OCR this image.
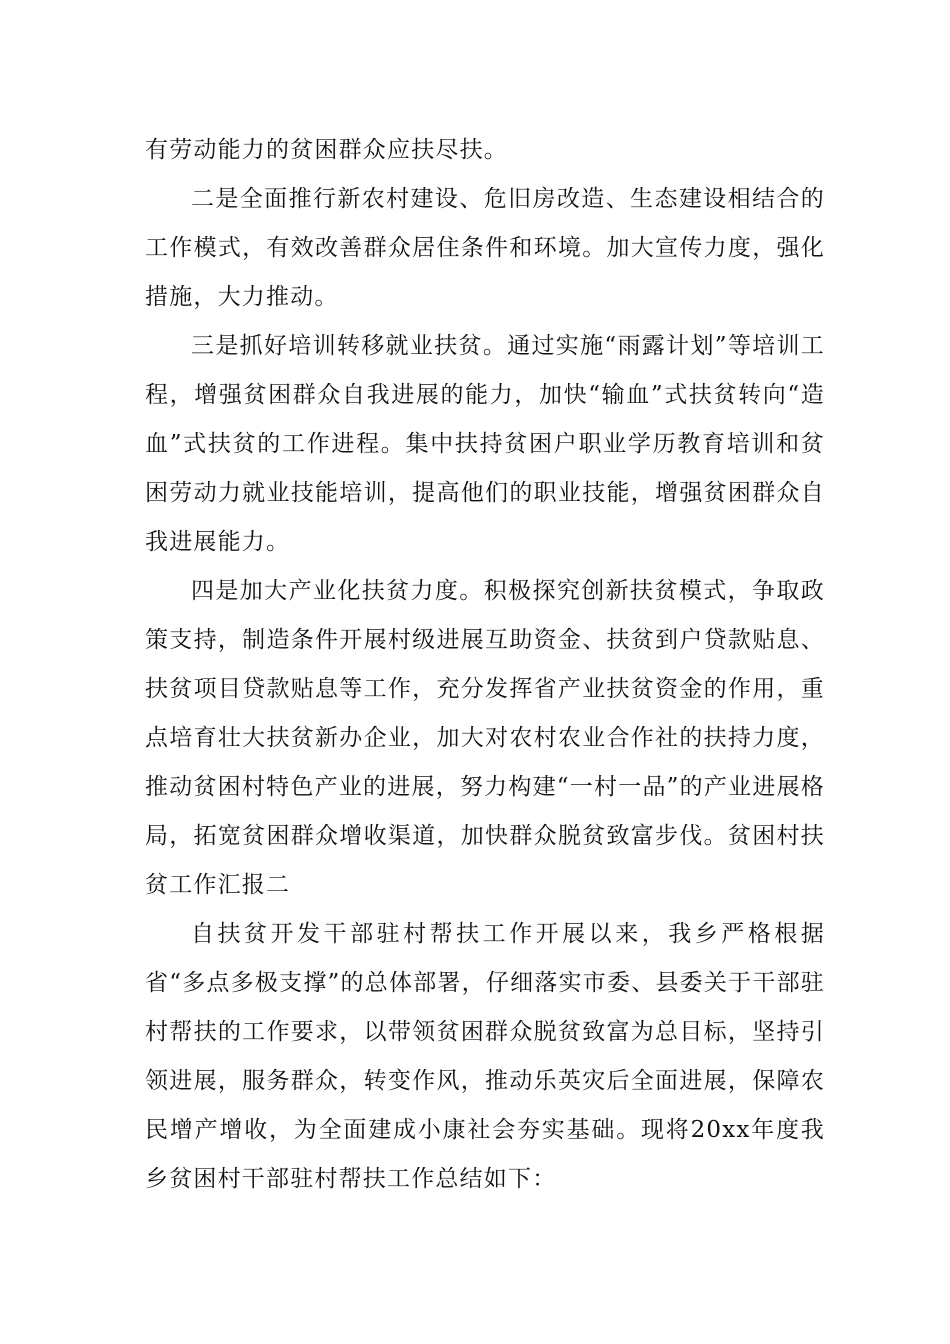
有劳动能力的贫困群众应扶尽扶。

二是全面推行新农村建设、危旧房改造、生态建设相结合的工作模式，有效改善群众居住条件和环境。加大宣传力度，强化措施，大力推动。

三是抓好培训转移就业扶贫。通过实施“雨露计划”等培训工程，增强贫困群众自我进展的能力，加快“输血”式扶贫转向“造血”式扶贫的工作进程。集中扶持贫困户职业学历教育培训和贫困劳动力就业技能培训，提高他们的职业技能，增强贫困群众自我进展能力。

四是加大产业化扶贫力度。积极探究创新扶贫模式，争取政策支持，制造条件开展村级进展互助资金、扶贫到户贷款贴息、扶贫项目贷款贴息等工作，充分发挥省产业扶贫资金的作用，重点培育壮大扶贫新办企业，加大对农村农业合作社的扶持力度，推动贫困村特色产业的进展，努力构建“一村一品”的产业进展格局，拓宽贫困群众增收渠道，加快群众脱贫致富步伐。贫困村扶贫工作汇报二

自扶贫开发干部驻村帮扶工作开展以来，我乡严格根据省“多点多极支撑”的总体部署，仔细落实市委、县委关于干部驻村帮扶的工作要求，以带领贫困群众脱贫致富为总目标，坚持引领进展，服务群众，转变作风，推动乐英灾后全面进展，保障农民增产增收，为全面建成小康社会夯实基础。现将20xx年度我乡贫困村干部驻村帮扶工作总结如下：
